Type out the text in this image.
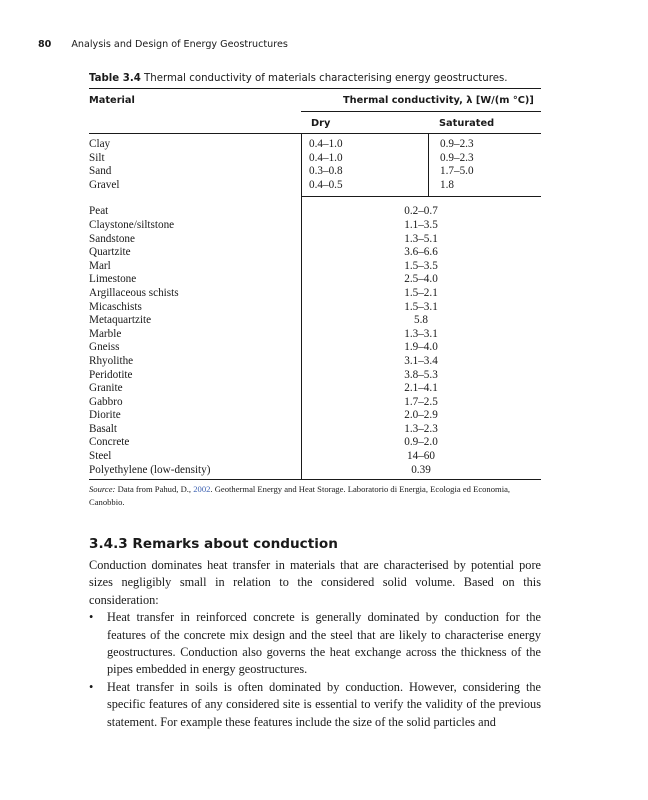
80 Analysis and Design of Energy Geostructures
Table 3.4 Thermal conductivity of materials characterising energy geostructures.
Material	Thermal conductivity, λ [W/(m °C)]
Dry	Saturated
Clay	0.4–1.0	0.9–2.3
Silt	0.4–1.0	0.9–2.3
Sand	0.3–0.8	1.7–5.0
Gravel	0.4–0.5	1.8
Peat	0.2–0.7
Claystone/siltstone	1.1–3.5
Sandstone	1.3–5.1
Quartzite	3.6–6.6
Marl	1.5–3.5
Limestone	2.5–4.0
Argillaceous schists	1.5–2.1
Micaschists	1.5–3.1
Metaquartzite	5.8
Marble	1.3–3.1
Gneiss	1.9–4.0
Rhyolithe	3.1–3.4
Peridotite	3.8–5.3
Granite	2.1–4.1
Gabbro	1.7–2.5
Diorite	2.0–2.9
Basalt	1.3–2.3
Concrete	0.9–2.0
Steel	14–60
Polyethylene (low-density)	0.39
Source: Data from Pahud, D., 2002. Geothermal Energy and Heat Storage. Laboratorio di Energia, Ecologia ed Economia, Canobbio.
3.4.3 Remarks about conduction

Conduction dominates heat transfer in materials that are characterised by potential pore sizes negligibly small in relation to the considered solid volume. Based on this consideration:

• Heat transfer in reinforced concrete is generally dominated by conduction for the features of the concrete mix design and the steel that are likely to characterise energy geostructures. Conduction also governs the heat exchange across the thickness of the pipes embedded in energy geostructures.
• Heat transfer in soils is often dominated by conduction. However, considering the specific features of any considered site is essential to verify the validity of the previous statement. For example these features include the size of the solid particles and
